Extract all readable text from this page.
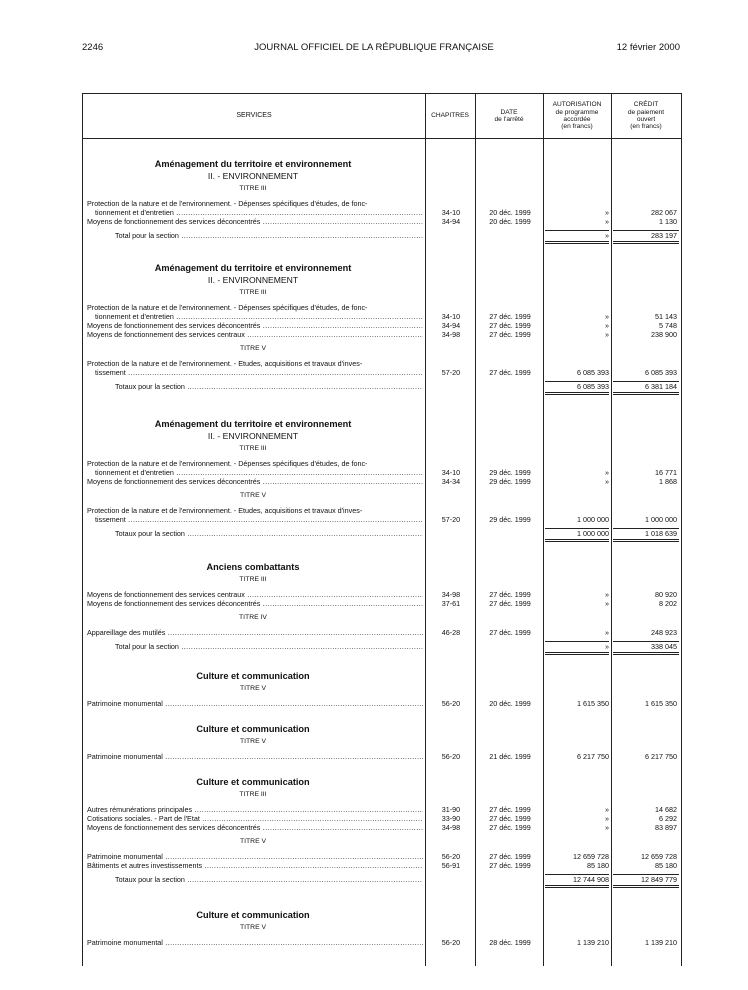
2246	JOURNAL OFFICIEL DE LA RÉPUBLIQUE FRANÇAISE	12 février 2000
SERVICES	CHAPITRES
DATE
de l'arrêté
AUTORISATION
de programme
accordée
(en francs)
CRÉDIT
de paiement
ouvert
(en francs)
Aménagement du territoire et environnement
II. - ENVIRONNEMENT
TITRE III
Protection de la nature et de l'environnement. - Dépenses spécifiques d'études, de fonc-
tionnement et d'entretien .....	34-10	20 déc. 1999	»	282 067
Moyens de fonctionnement des services déconcentrés .....	34-94	20 déc. 1999	»	1 130
Total pour la section .....	»	283 197
Aménagement du territoire et environnement
II. - ENVIRONNEMENT
TITRE III
Protection de la nature et de l'environnement. - Dépenses spécifiques d'études, de fonc-
tionnement et d'entretien .....	34-10	27 déc. 1999	»	51 143
Moyens de fonctionnement des services déconcentrés .....	34-94	27 déc. 1999	»	5 748
Moyens de fonctionnement des services centraux .....	34-98	27 déc. 1999	»	238 900
TITRE V
Protection de la nature et de l'environnement. - Etudes, acquisitions et travaux d'inves-
tissement .....	57-20	27 déc. 1999	6 085 393	6 085 393
Totaux pour la section .....	6 085 393	6 381 184
Aménagement du territoire et environnement
II. - ENVIRONNEMENT
TITRE III
Protection de la nature et de l'environnement. - Dépenses spécifiques d'études, de fonc-
tionnement et d'entretien .....	34-10	29 déc. 1999	»	16 771
Moyens de fonctionnement des services déconcentrés .....	34-34	29 déc. 1999	»	1 868
TITRE V
Protection de la nature et de l'environnement. - Etudes, acquisitions et travaux d'inves-
tissement .....	57-20	29 déc. 1999	1 000 000	1 000 000
Totaux pour la section .....	1 000 000	1 018 639
Anciens combattants
TITRE III
Moyens de fonctionnement des services centraux .....	34-98	27 déc. 1999	»	80 920
Moyens de fonctionnement des services déconcentrés .....	37-61	27 déc. 1999	»	8 202
TITRE IV
Appareillage des mutilés .....	46-28	27 déc. 1999	»	248 923
Total pour la section .....	»	338 045
Culture et communication
TITRE V
Patrimoine monumental .....	56-20	20 déc. 1999	1 615 350	1 615 350
Culture et communication
TITRE V
Patrimoine monumental .....	56-20	21 déc. 1999	6 217 750	6 217 750
Culture et communication
TITRE III
Autres rémunérations principales .....	31-90	27 déc. 1999	»	14 682
Cotisations sociales. - Part de l'Etat .....	33-90	27 déc. 1999	»	6 292
Moyens de fonctionnement des services déconcentrés .....	34-98	27 déc. 1999	»	83 897
TITRE V
Patrimoine monumental .....	56-20	27 déc. 1999	12 659 728	12 659 728
Bâtiments et autres investissements .....	56-91	27 déc. 1999	85 180	85 180
Totaux pour la section .....	12 744 908	12 849 779
Culture et communication
TITRE V
Patrimoine monumental .....	56-20	28 déc. 1999	1 139 210	1 139 210
